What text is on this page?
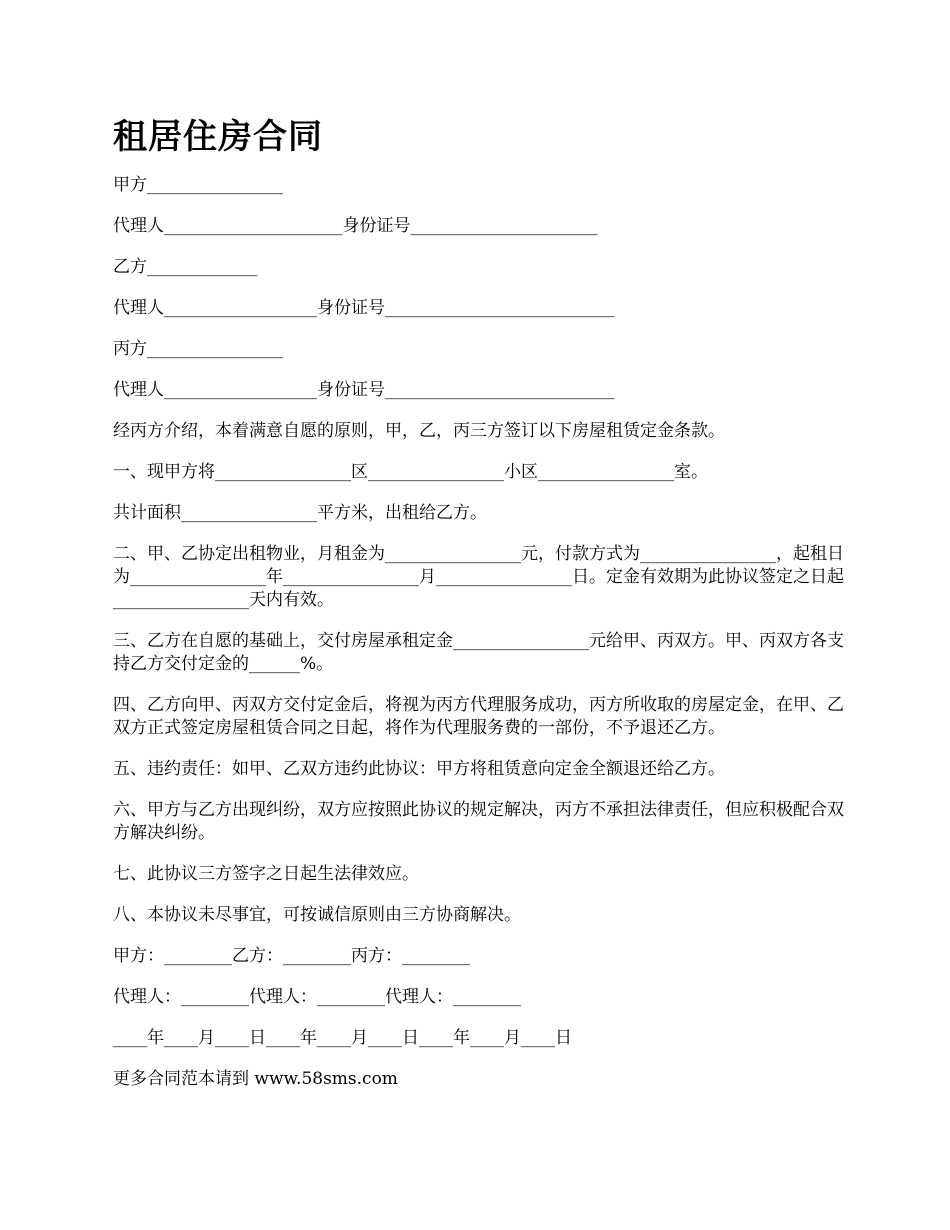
租居住房合同

甲方________________

代理人_____________________身份证号______________________

乙方_____________

代理人__________________身份证号___________________________

丙方________________

代理人__________________身份证号___________________________

经丙方介绍，本着满意自愿的原则，甲，乙，丙三方签订以下房屋租赁定金条款。

一、现甲方将________________区________________小区________________室。

共计面积________________平方米，出租给乙方。

二、甲、乙协定出租物业，月租金为________________元，付款方式为________________，起租日为________________年________________月________________日。定金有效期为此协议签定之日起________________天内有效。

三、乙方在自愿的基础上，交付房屋承租定金________________元给甲、丙双方。甲、丙双方各支持乙方交付定金的______%。

四、乙方向甲、丙双方交付定金后，将视为丙方代理服务成功，丙方所收取的房屋定金，在甲、乙双方正式签定房屋租赁合同之日起，将作为代理服务费的一部份，不予退还乙方。

五、违约责任：如甲、乙双方违约此协议：甲方将租赁意向定金全额退还给乙方。

六、甲方与乙方出现纠纷，双方应按照此协议的规定解决，丙方不承担法律责任，但应积极配合双方解决纠纷。

七、此协议三方签字之日起生法律效应。

八、本协议未尽事宜，可按诚信原则由三方协商解决。

甲方：________乙方：________丙方：________

代理人：________代理人：________代理人：________

____年____月____日____年____月____日____年____月____日

更多合同范本请到 www.58sms.com
